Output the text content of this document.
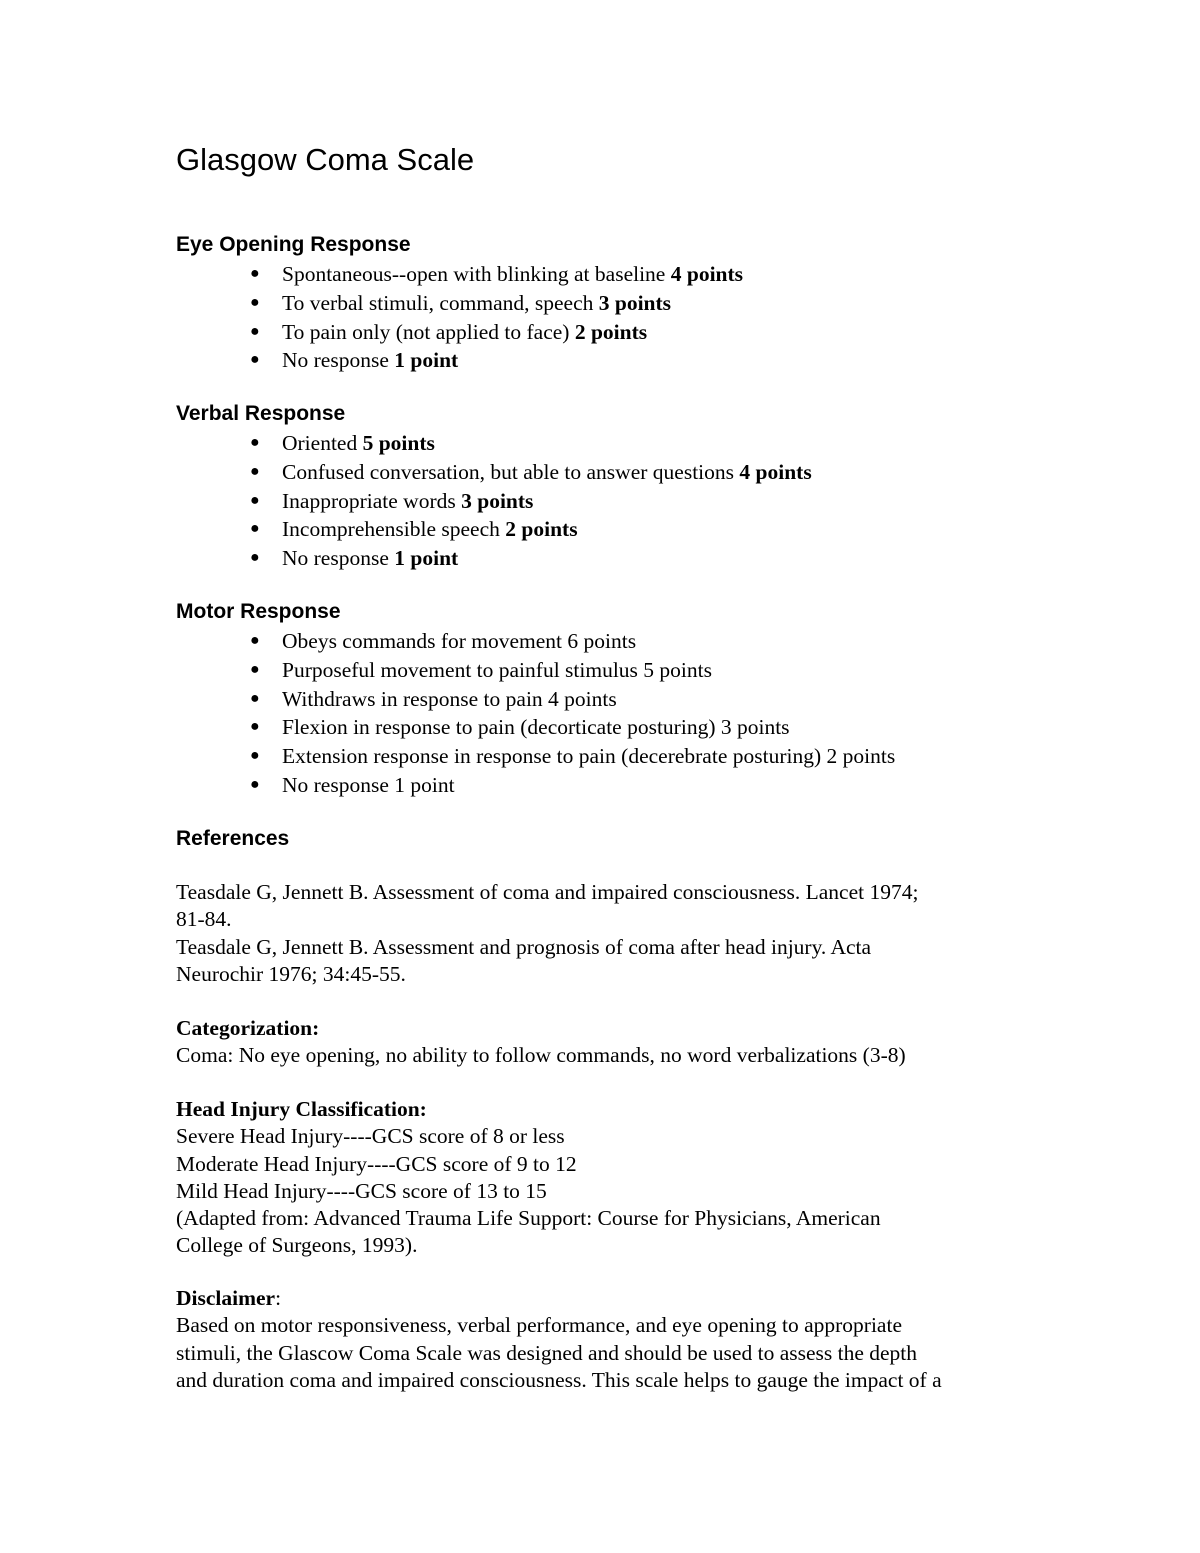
Glasgow Coma Scale
Eye Opening Response
● Spontaneous--open with blinking at baseline 4 points
● To verbal stimuli, command, speech 3 points
● To pain only (not applied to face) 2 points
● No response 1 point
Verbal Response
● Oriented 5 points
● Confused conversation, but able to answer questions 4 points
● Inappropriate words 3 points
● Incomprehensible speech 2 points
● No response 1 point
Motor Response
● Obeys commands for movement 6 points
● Purposeful movement to painful stimulus 5 points
● Withdraws in response to pain 4 points
● Flexion in response to pain (decorticate posturing) 3 points
● Extension response in response to pain (decerebrate posturing) 2 points
● No response 1 point
References
Teasdale G, Jennett B. Assessment of coma and impaired consciousness. Lancet 1974;
81-84.
Teasdale G, Jennett B. Assessment and prognosis of coma after head injury. Acta
Neurochir 1976; 34:45-55.
Categorization:
Coma: No eye opening, no ability to follow commands, no word verbalizations (3-8)
Head Injury Classification:
Severe Head Injury----GCS score of 8 or less
Moderate Head Injury----GCS score of 9 to 12
Mild Head Injury----GCS score of 13 to 15
(Adapted from: Advanced Trauma Life Support: Course for Physicians, American
College of Surgeons, 1993).
Disclaimer:
Based on motor responsiveness, verbal performance, and eye opening to appropriate
stimuli, the Glascow Coma Scale was designed and should be used to assess the depth
and duration coma and impaired consciousness. This scale helps to gauge the impact of a
